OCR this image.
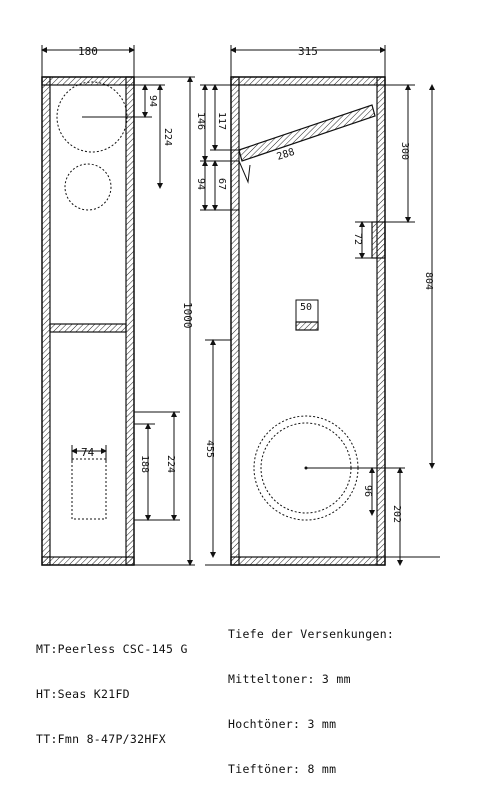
74
180
94
224
1000
188 224
288
50
315
117
146
67
94
300
72
804
455
96
202

MT:Peerless CSC-145 G

HT:Seas K21FD

TT:Fmn 8-47P/32HFX

Tiefe der Versenkungen:

Mitteltoner: 3 mm

Hochtöner: 3 mm

Tieftöner: 8 mm
